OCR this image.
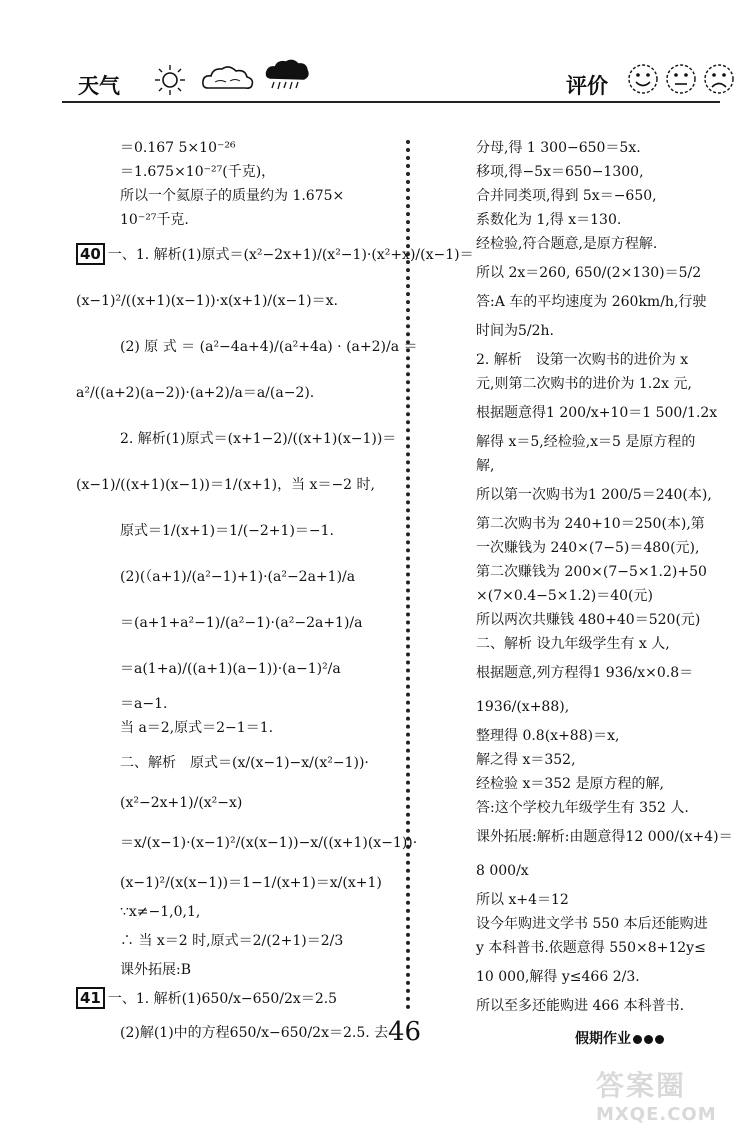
天气	评价
＝0.167 5×10⁻²⁶
＝1.675×10⁻²⁷(千克)，
所以一个氦原子的质量约为 1.675×
10⁻²⁷千克.
40 一、1. 解析(1)原式＝(x²−2x+1)/(x²−1)·(x²+x)/(x−1)＝
(x−1)²/((x+1)(x−1))·x(x+1)/(x−1)＝x.
(2) 原 式 ＝ (a²−4a+4)/(a²+4a) · (a+2)/a ＝
a²/((a+2)(a−2))·(a+2)/a＝a/(a−2).
2. 解析(1)原式＝(x+1−2)/((x+1)(x−1))＝
(x−1)/((x+1)(x−1))＝1/(x+1)，当 x＝−2 时,
原式＝1/(x+1)＝1/(−2+1)＝−1.
(2)(（a+1)/(a²−1)+1)·(a²−2a+1)/a
＝(a+1+a²−1)/(a²−1)·(a²−2a+1)/a
＝a(1+a)/((a+1)(a−1))·(a−1)²/a
＝a−1.
当 a＝2,原式＝2−1＝1.
二、解析　原式＝(x/(x−1)−x/(x²−1))·
(x²−2x+1)/(x²−x)
＝x/(x−1)·(x−1)²/(x(x−1))−x/((x+1)(x−1))·
(x−1)²/(x(x−1))＝1−1/(x+1)＝x/(x+1)
∵x≠−1,0,1,
∴ 当 x＝2 时,原式＝2/(2+1)＝2/3
课外拓展:B
41 一、1. 解析(1)650/x−650/2x＝2.5
(2)解(1)中的方程650/x−650/2x＝2.5. 去
分母,得 1 300−650＝5x.
移项,得−5x＝650−1300,
合并同类项,得到 5x＝−650,
系数化为 1,得 x＝130.
经检验,符合题意,是原方程解.
所以 2x＝260, 650/(2×130)＝5/2
答:A 车的平均速度为 260km/h,行驶
时间为5/2h.
2. 解析　设第一次购书的进价为 x
元,则第二次购书的进价为 1.2x 元,
根据题意得1 200/x+10＝1 500/1.2x
解得 x＝5,经检验,x＝5 是原方程的
解,
所以第一次购书为1 200/5＝240(本),
第二次购书为 240+10＝250(本),第
一次赚钱为 240×(7−5)＝480(元),
第二次赚钱为 200×(7−5×1.2)+50
×(7×0.4−5×1.2)＝40(元)
所以两次共赚钱 480+40＝520(元)
二、解析 设九年级学生有 x 人,
根据题意,列方程得1 936/x×0.8＝
1936/(x+88),
整理得 0.8(x+88)＝x,
解之得 x＝352,
经检验 x＝352 是原方程的解,
答:这个学校九年级学生有 352 人.
课外拓展:解析:由题意得12 000/(x+4)＝
8 000/x
所以 x+4＝12
设今年购进文学书 550 本后还能购进
y 本科普书.依题意得 550×8+12y≤
10 000,解得 y≤466 2/3.
所以至多还能购进 466 本科普书.
46	假期作业
答案圈
MXQE.COM
